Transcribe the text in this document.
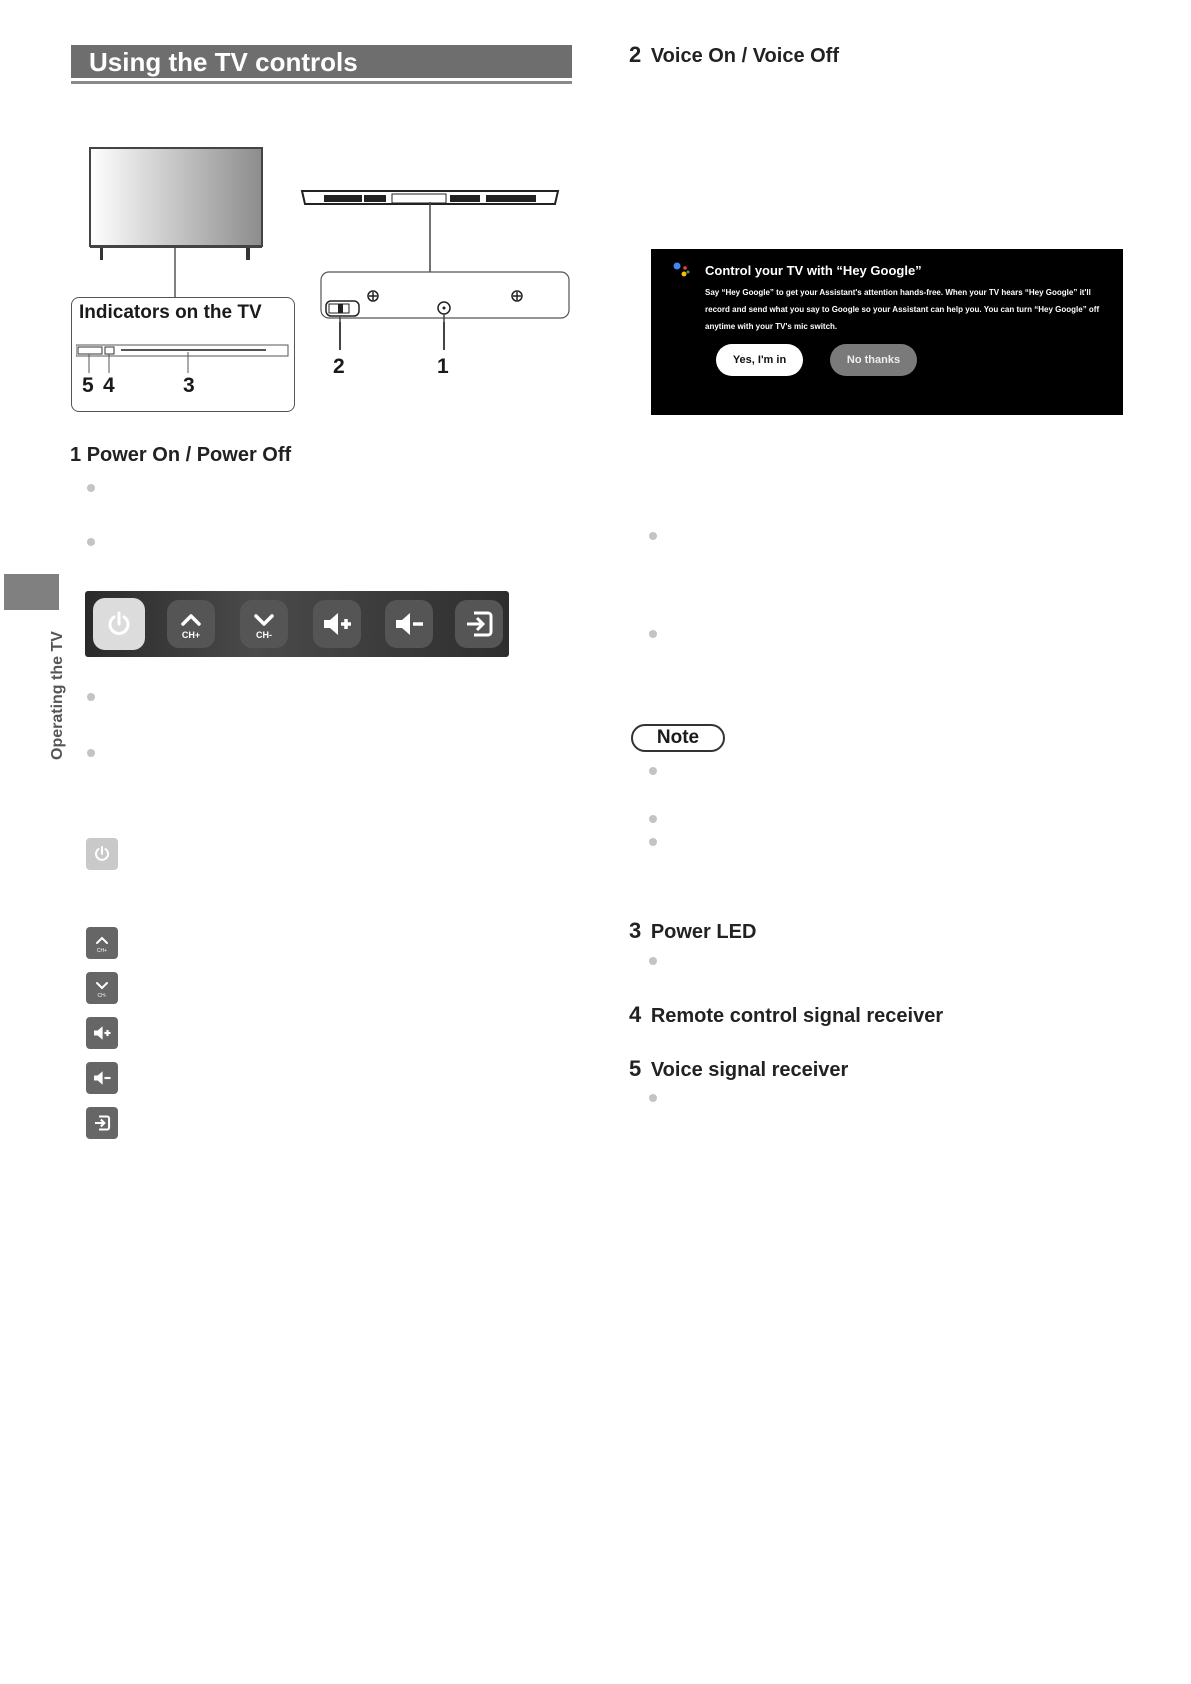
Using the TV controls
Operating the TV
Indicators on the TV
5 4	3
2	1
1 Power On / Power Off
CH+	CH-
CH+
CH-
2 Voice On / Voice Off
Control your TV with “Hey Google”
Say “Hey Google” to get your Assistant's attention hands-free. When your TV hears “Hey Google” it'll record and send what you say to Google so your Assistant can help you. You can turn “Hey Google” off anytime with your TV's mic switch.
Yes, I'm in	No thanks
Note
3 Power LED
4 Remote control signal receiver
5 Voice signal receiver
